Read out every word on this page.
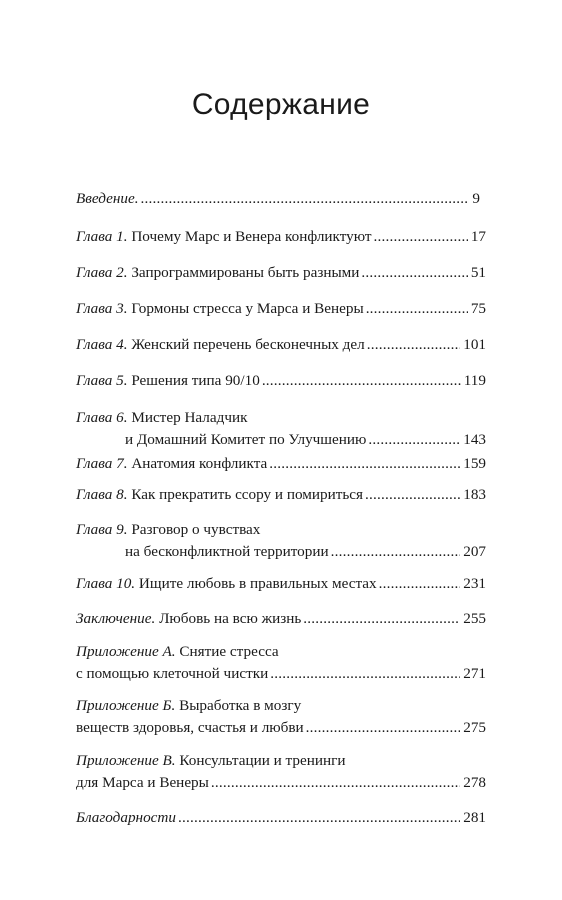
Содержание
Введение. .....	9
Глава 1. Почему Марс и Венера конфликтуют .....	17
Глава 2. Запрограммированы быть разными .....	51
Глава 3. Гормоны стресса у Марса и Венеры .....	75
Глава 4. Женский перечень бесконечных дел .....	101
Глава 5. Решения типа 90/10 .....	119
Глава 6. Мистер Наладчик
и Домашний Комитет по Улучшению .....	143
Глава 7. Анатомия конфликта .....	159
Глава 8. Как прекратить ссору и помириться .....	183
Глава 9. Разговор о чувствах
на бесконфликтной территории .....	207
Глава 10. Ищите любовь в правильных местах .....	231
Заключение. Любовь на всю жизнь .....	255
Приложение А. Снятие стресса
с помощью клеточной чистки .....	271
Приложение Б. Выработка в мозгу
веществ здоровья, счастья и любви .....	275
Приложение В. Консультации и тренинги
для Марса и Венеры .....	278
Благодарности .....	281
